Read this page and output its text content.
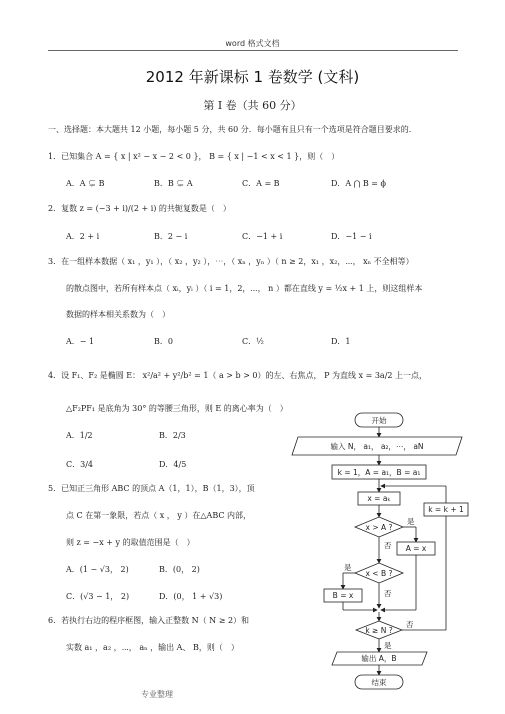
word 格式文档
2012 年新课标 1 卷数学 (文科)
第 I 卷（共 60 分）
一、选择题：本大题共 12 小题，每小题 5 分，共 60 分．每小题有且只有一个选项是符合题目要求的．
1．已知集合 A = { x | x² − x − 2 < 0 }， B = { x | −1 < x < 1 }，则（　）
A．A ⊊ B	B．B ⊊ A	C．A = B	D．A ⋂ B = ϕ
2．复数 z = (−3 + i)/(2 + i) 的共轭复数是（　）
A．2 + i	B．2 − i	C．−1 + i	D．−1 − i
3．在一组样本数据（ x₁ ，y₁ ），（ x₂ ，y₂ ），⋯，（ xₙ ，yₙ ）（ n ≥ 2，x₁ ，x₂，⋯， xₙ 不全相等）
的散点图中，若所有样本点（ xᵢ，yᵢ ）（ i = 1，2，⋯， n ）都在直线 y = ½x + 1 上，则这组样本
数据的样本相关系数为（　）
A．− 1	B．0	C．½	D．1
4．设 F₁、F₂ 是椭圆 E： x²/a² + y²/b² = 1（ a > b > 0）的左、右焦点， P 为直线 x = 3a/2 上一点，
△F₂PF₁ 是底角为 30° 的等腰三角形，则 E 的离心率为（　）
A．1/2	B．2/3
C．3/4	D．4/5
5．已知正三角形 ABC 的顶点 A（1，1），B（1，3），顶
点 C 在第一象限，若点（ x ， y ）在△ABC 内部，
则 z = −x + y 的取值范围是（　）
A．(1 − √3， 2)	B．(0， 2)
C．(√3 − 1， 2)	D．(0， 1 + √3)
6．若执行右边的程序框图，输入正整数 N（ N ≥ 2）和
实数 a₁ ，a₂ ，⋯， aₙ ，输出 A、 B，则（　）
专业整理
开始
输入 N， a₁， a₂，⋯， aN
k = 1，A = a₁，B = a₁
x = aₖ
x > A ?
是
否 A = x
x < B ?
是
否
B = x
k ≥ N ?
否
是
k = k + 1
输出 A，B
结束
